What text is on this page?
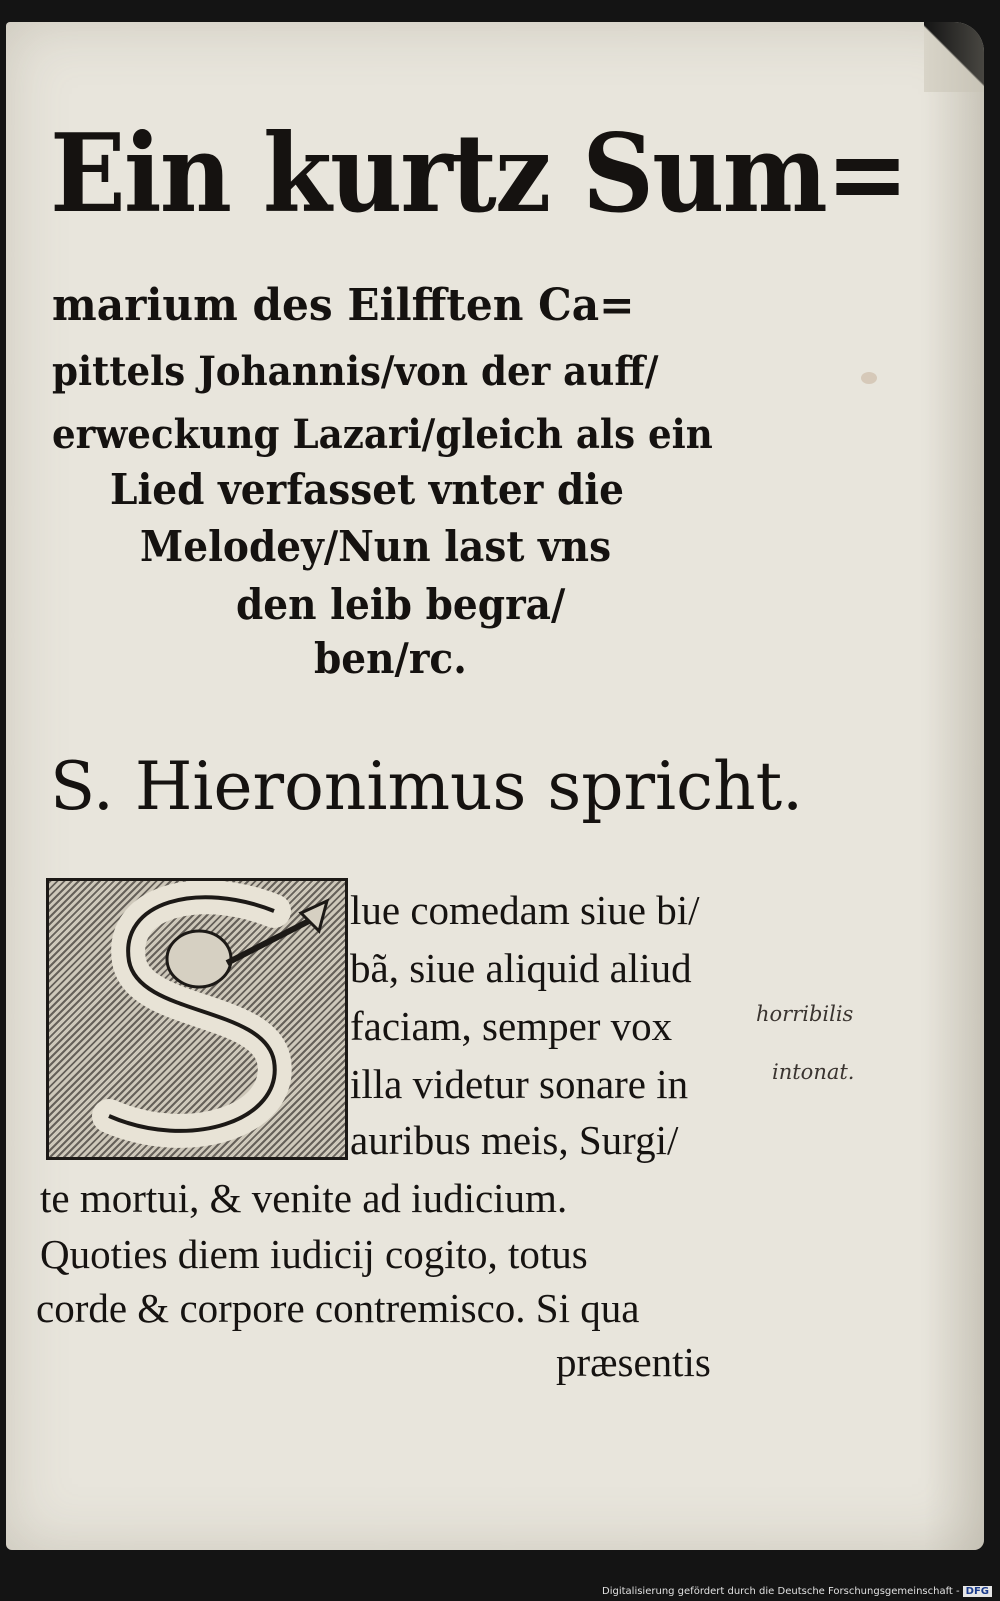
Ein kurtz Sum=
marium des Eilfften Ca=
pittels Johannis/von der auff/
erweckung Lazari/gleich als ein
Lied verfasset vnter die
Melodey/Nun last vns
den leib begra/
ben/rc.
S. Hieronimus spricht.
lue comedam siue bi/
bã, siue aliquid aliud
faciam, semper vox
illa videtur sonare in
auribus meis, Surgi/
te mortui, & venite ad iudicium.
Quoties diem iudicij cogito, totus
corde & corpore contremisco. Si qua
præsentis
horribilis
intonat.
Digitalisierung gefördert durch die Deutsche Forschungsgemeinschaft - DFG
